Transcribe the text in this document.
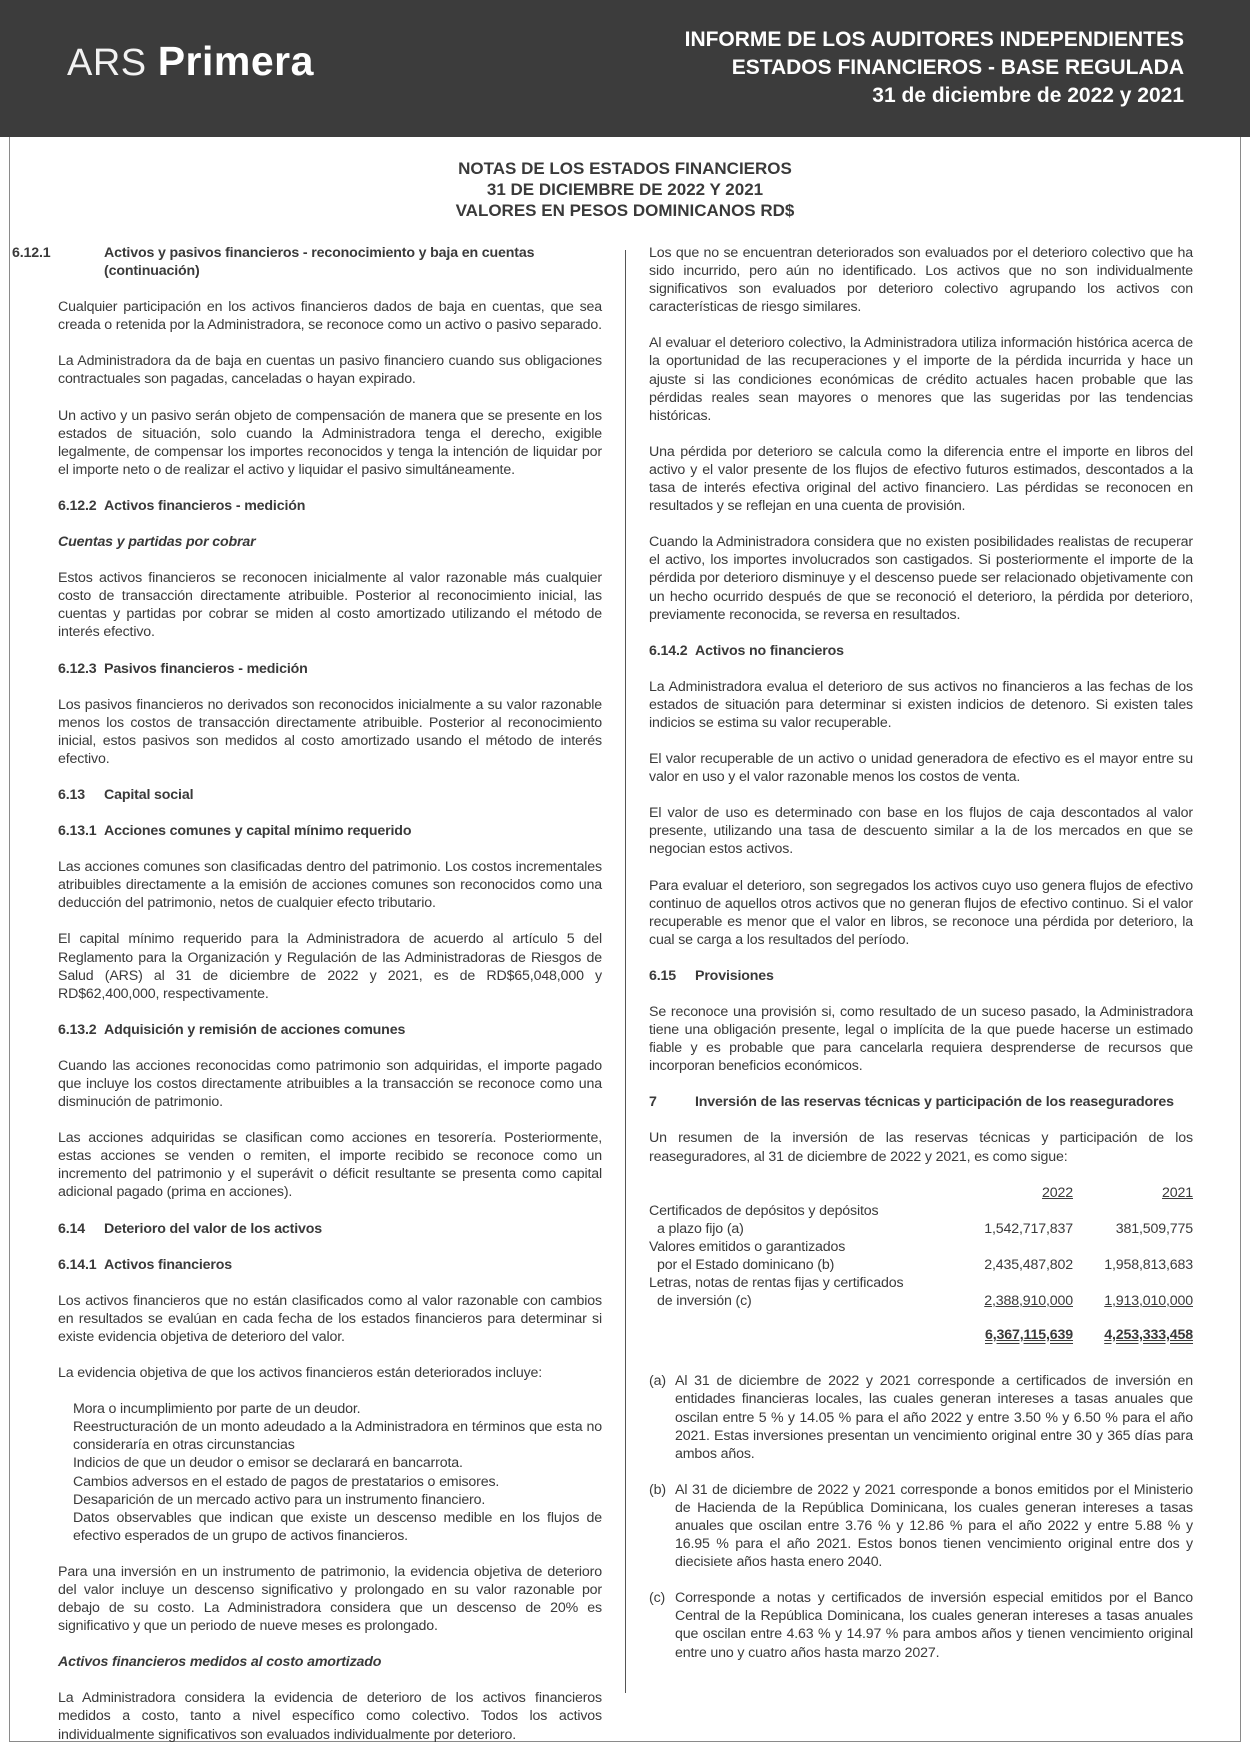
ARS Primera	INFORME DE LOS AUDITORES INDEPENDIENTES
ESTADOS FINANCIEROS - BASE REGULADA
31 de diciembre de 2022 y 2021
NOTAS DE LOS ESTADOS FINANCIEROS
31 DE DICIEMBRE DE 2022 Y 2021
VALORES EN PESOS DOMINICANOS RD$
6.12.1	Activos y pasivos financieros - reconocimiento y baja en cuentas (continuación)

Cualquier participación en los activos financieros dados de baja en cuentas, que sea creada o retenida por la Administradora, se reconoce como un activo o pasivo separado.

La Administradora da de baja en cuentas un pasivo financiero cuando sus obligaciones contractuales son pagadas, canceladas o hayan expirado.

Un activo y un pasivo serán objeto de compensación de manera que se presente en los estados de situación, solo cuando la Administradora tenga el derecho, exigible legalmente, de compensar los importes reconocidos y tenga la intención de liquidar por el importe neto o de realizar el activo y liquidar el pasivo simultáneamente.

6.12.2 Activos financieros - medición
Cuentas y partidas por cobrar

Estos activos financieros se reconocen inicialmente al valor razonable más cualquier costo de transacción directamente atribuible. Posterior al reconocimiento inicial, las cuentas y partidas por cobrar se miden al costo amortizado utilizando el método de interés efectivo.

6.12.3 Pasivos financieros - medición

Los pasivos financieros no derivados son reconocidos inicialmente a su valor razonable menos los costos de transacción directamente atribuible. Posterior al reconocimiento inicial, estos pasivos son medidos al costo amortizado usando el método de interés efectivo.

6.13 Capital social
6.13.1 Acciones comunes y capital mínimo requerido

Las acciones comunes son clasificadas dentro del patrimonio. Los costos incrementales atribuibles directamente a la emisión de acciones comunes son reconocidos como una deducción del patrimonio, netos de cualquier efecto tributario.

El capital mínimo requerido para la Administradora de acuerdo al artículo 5 del Reglamento para la Organización y Regulación de las Administradoras de Riesgos de Salud (ARS) al 31 de diciembre de 2022 y 2021, es de RD$65,048,000 y RD$62,400,000, respectivamente.

6.13.2 Adquisición y remisión de acciones comunes

Cuando las acciones reconocidas como patrimonio son adquiridas, el importe pagado que incluye los costos directamente atribuibles a la transacción se reconoce como una disminución de patrimonio.

Las acciones adquiridas se clasifican como acciones en tesorería. Posteriormente, estas acciones se venden o remiten, el importe recibido se reconoce como un incremento del patrimonio y el superávit o déficit resultante se presenta como capital adicional pagado (prima en acciones).

6.14 Deterioro del valor de los activos
6.14.1 Activos financieros

Los activos financieros que no están clasificados como al valor razonable con cambios en resultados se evalúan en cada fecha de los estados financieros para determinar si existe evidencia objetiva de deterioro del valor.

La evidencia objetiva de que los activos financieros están deteriorados incluye:

Mora o incumplimiento por parte de un deudor.
Reestructuración de un monto adeudado a la Administradora en términos que esta no consideraría en otras circunstancias
Indicios de que un deudor o emisor se declarará en bancarrota.
Cambios adversos en el estado de pagos de prestatarios o emisores.
Desaparición de un mercado activo para un instrumento financiero.
Datos observables que indican que existe un descenso medible en los flujos de efectivo esperados de un grupo de activos financieros.

Para una inversión en un instrumento de patrimonio, la evidencia objetiva de deterioro del valor incluye un descenso significativo y prolongado en su valor razonable por debajo de su costo. La Administradora considera que un descenso de 20% es significativo y que un periodo de nueve meses es prolongado.

Activos financieros medidos al costo amortizado

La Administradora considera la evidencia de deterioro de los activos financieros medidos a costo, tanto a nivel específico como colectivo. Todos los activos individualmente significativos son evaluados individualmente por deterioro.

Los que no se encuentran deteriorados son evaluados por el deterioro colectivo que ha sido incurrido, pero aún no identificado. Los activos que no son individualmente significativos son evaluados por deterioro colectivo agrupando los activos con características de riesgo similares.

Al evaluar el deterioro colectivo, la Administradora utiliza información histórica acerca de la oportunidad de las recuperaciones y el importe de la pérdida incurrida y hace un ajuste si las condiciones económicas de crédito actuales hacen probable que las pérdidas reales sean mayores o menores que las sugeridas por las tendencias históricas.

Una pérdida por deterioro se calcula como la diferencia entre el importe en libros del activo y el valor presente de los flujos de efectivo futuros estimados, descontados a la tasa de interés efectiva original del activo financiero. Las pérdidas se reconocen en resultados y se reflejan en una cuenta de provisión.

Cuando la Administradora considera que no existen posibilidades realistas de recuperar el activo, los importes involucrados son castigados. Si posteriormente el importe de la pérdida por deterioro disminuye y el descenso puede ser relacionado objetivamente con un hecho ocurrido después de que se reconoció el deterioro, la pérdida por deterioro, previamente reconocida, se reversa en resultados.

6.14.2 Activos no financieros

La Administradora evalua el deterioro de sus activos no financieros a las fechas de los estados de situación para determinar si existen indicios de detenoro. Si existen tales indicios se estima su valor recuperable.

El valor recuperable de un activo o unidad generadora de efectivo es el mayor entre su valor en uso y el valor razonable menos los costos de venta.

El valor de uso es determinado con base en los flujos de caja descontados al valor presente, utilizando una tasa de descuento similar a la de los mercados en que se negocian estos activos.

Para evaluar el deterioro, son segregados los activos cuyo uso genera flujos de efectivo continuo de aquellos otros activos que no generan flujos de efectivo continuo. Si el valor recuperable es menor que el valor en libros, se reconoce una pérdida por deterioro, la cual se carga a los resultados del período.

6.15 Provisiones

Se reconoce una provisión si, como resultado de un suceso pasado, la Administradora tiene una obligación presente, legal o implícita de la que puede hacerse un estimado fiable y es probable que para cancelarla requiera desprenderse de recursos que incorporan beneficios económicos.

7	Inversión de las reservas técnicas y participación de los reaseguradores

Un resumen de la inversión de las reservas técnicas y participación de los reaseguradores, al 31 de diciembre de 2022 y 2021, es como sigue:

	2022	2021
Certificados de depósitos y depósitos		
a plazo fijo (a)	1,542,717,837	381,509,775
Valores emitidos o garantizados		
por el Estado dominicano (b)	2,435,487,802	1,958,813,683
Letras, notas de rentas fijas y certificados		
de inversión (c)	2,388,910,000	1,913,010,000
	6,367,115,639	4,253,333,458
(a) Al 31 de diciembre de 2022 y 2021 corresponde a certificados de inversión en entidades financieras locales, las cuales generan intereses a tasas anuales que oscilan entre 5 % y 14.05 % para el año 2022 y entre 3.50 % y 6.50 % para el año 2021. Estas inversiones presentan un vencimiento original entre 30 y 365 días para ambos años.
(b) Al 31 de diciembre de 2022 y 2021 corresponde a bonos emitidos por el Ministerio de Hacienda de la República Dominicana, los cuales generan intereses a tasas anuales que oscilan entre 3.76 % y 12.86 % para el año 2022 y entre 5.88 % y 16.95 % para el año 2021. Estos bonos tienen vencimiento original entre dos y diecisiete años hasta enero 2040.
(c) Corresponde a notas y certificados de inversión especial emitidos por el Banco Central de la República Dominicana, los cuales generan intereses a tasas anuales que oscilan entre 4.63 % y 14.97 % para ambos años y tienen vencimiento original entre uno y cuatro años hasta marzo 2027.
